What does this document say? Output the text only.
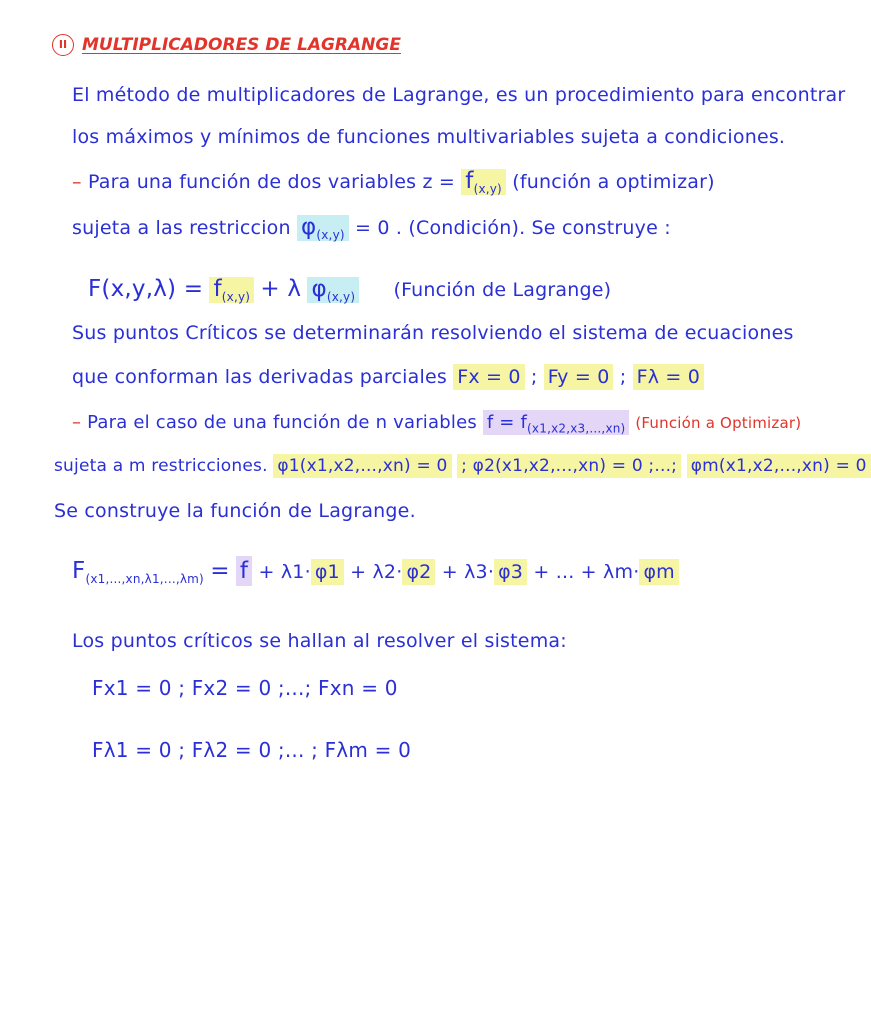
II MULTIPLICADORES DE LAGRANGE
El método de multiplicadores de Lagrange, es un procedimiento para encontrar
los máximos y mínimos de funciones multivariables sujeta a condiciones.
– Para una función de dos variables $z = f_{(x,y)}$ (función a optimizar)
sujeta a las restriccion $\varphi_{(x,y)} = 0$ . (Condición). Se construye :
$F(x,y,\lambda) = f_{(x,y)} + \lambda$ $\varphi_{(x,y)}$ (Función de Lagrange)
Sus puntos Críticos se determinarán resolviendo el sistema de ecuaciones
que conforman las derivadas parciales Fx = 0 ; Fy = 0 ; Fλ = 0
– Para el caso de una función de n variables $f = f_{(x1,x2,x3,...,xn)}$ (Función a Optimizar)
sujeta a m restricciones. φ1(x1,x2,...,xn) = 0 ; φ2(x1,x2,...,xn) = 0 ;...; φm(x1,x2,...,xn) = 0
Se construye la función de Lagrange.
$F_{(x1,...,xn,\lambda 1,...,\lambda m)} = f + \lambda 1\cdot \varphi 1 + \lambda 2\cdot \varphi 2 + \lambda 3\cdot \varphi 3$ + ... + λm· φm
Los puntos críticos se hallan al resolver el sistema:
Fx1 = 0 ; Fx2 = 0 ;...; Fxn = 0
Fλ1 = 0 ; Fλ2 = 0 ;... ; Fλm = 0
